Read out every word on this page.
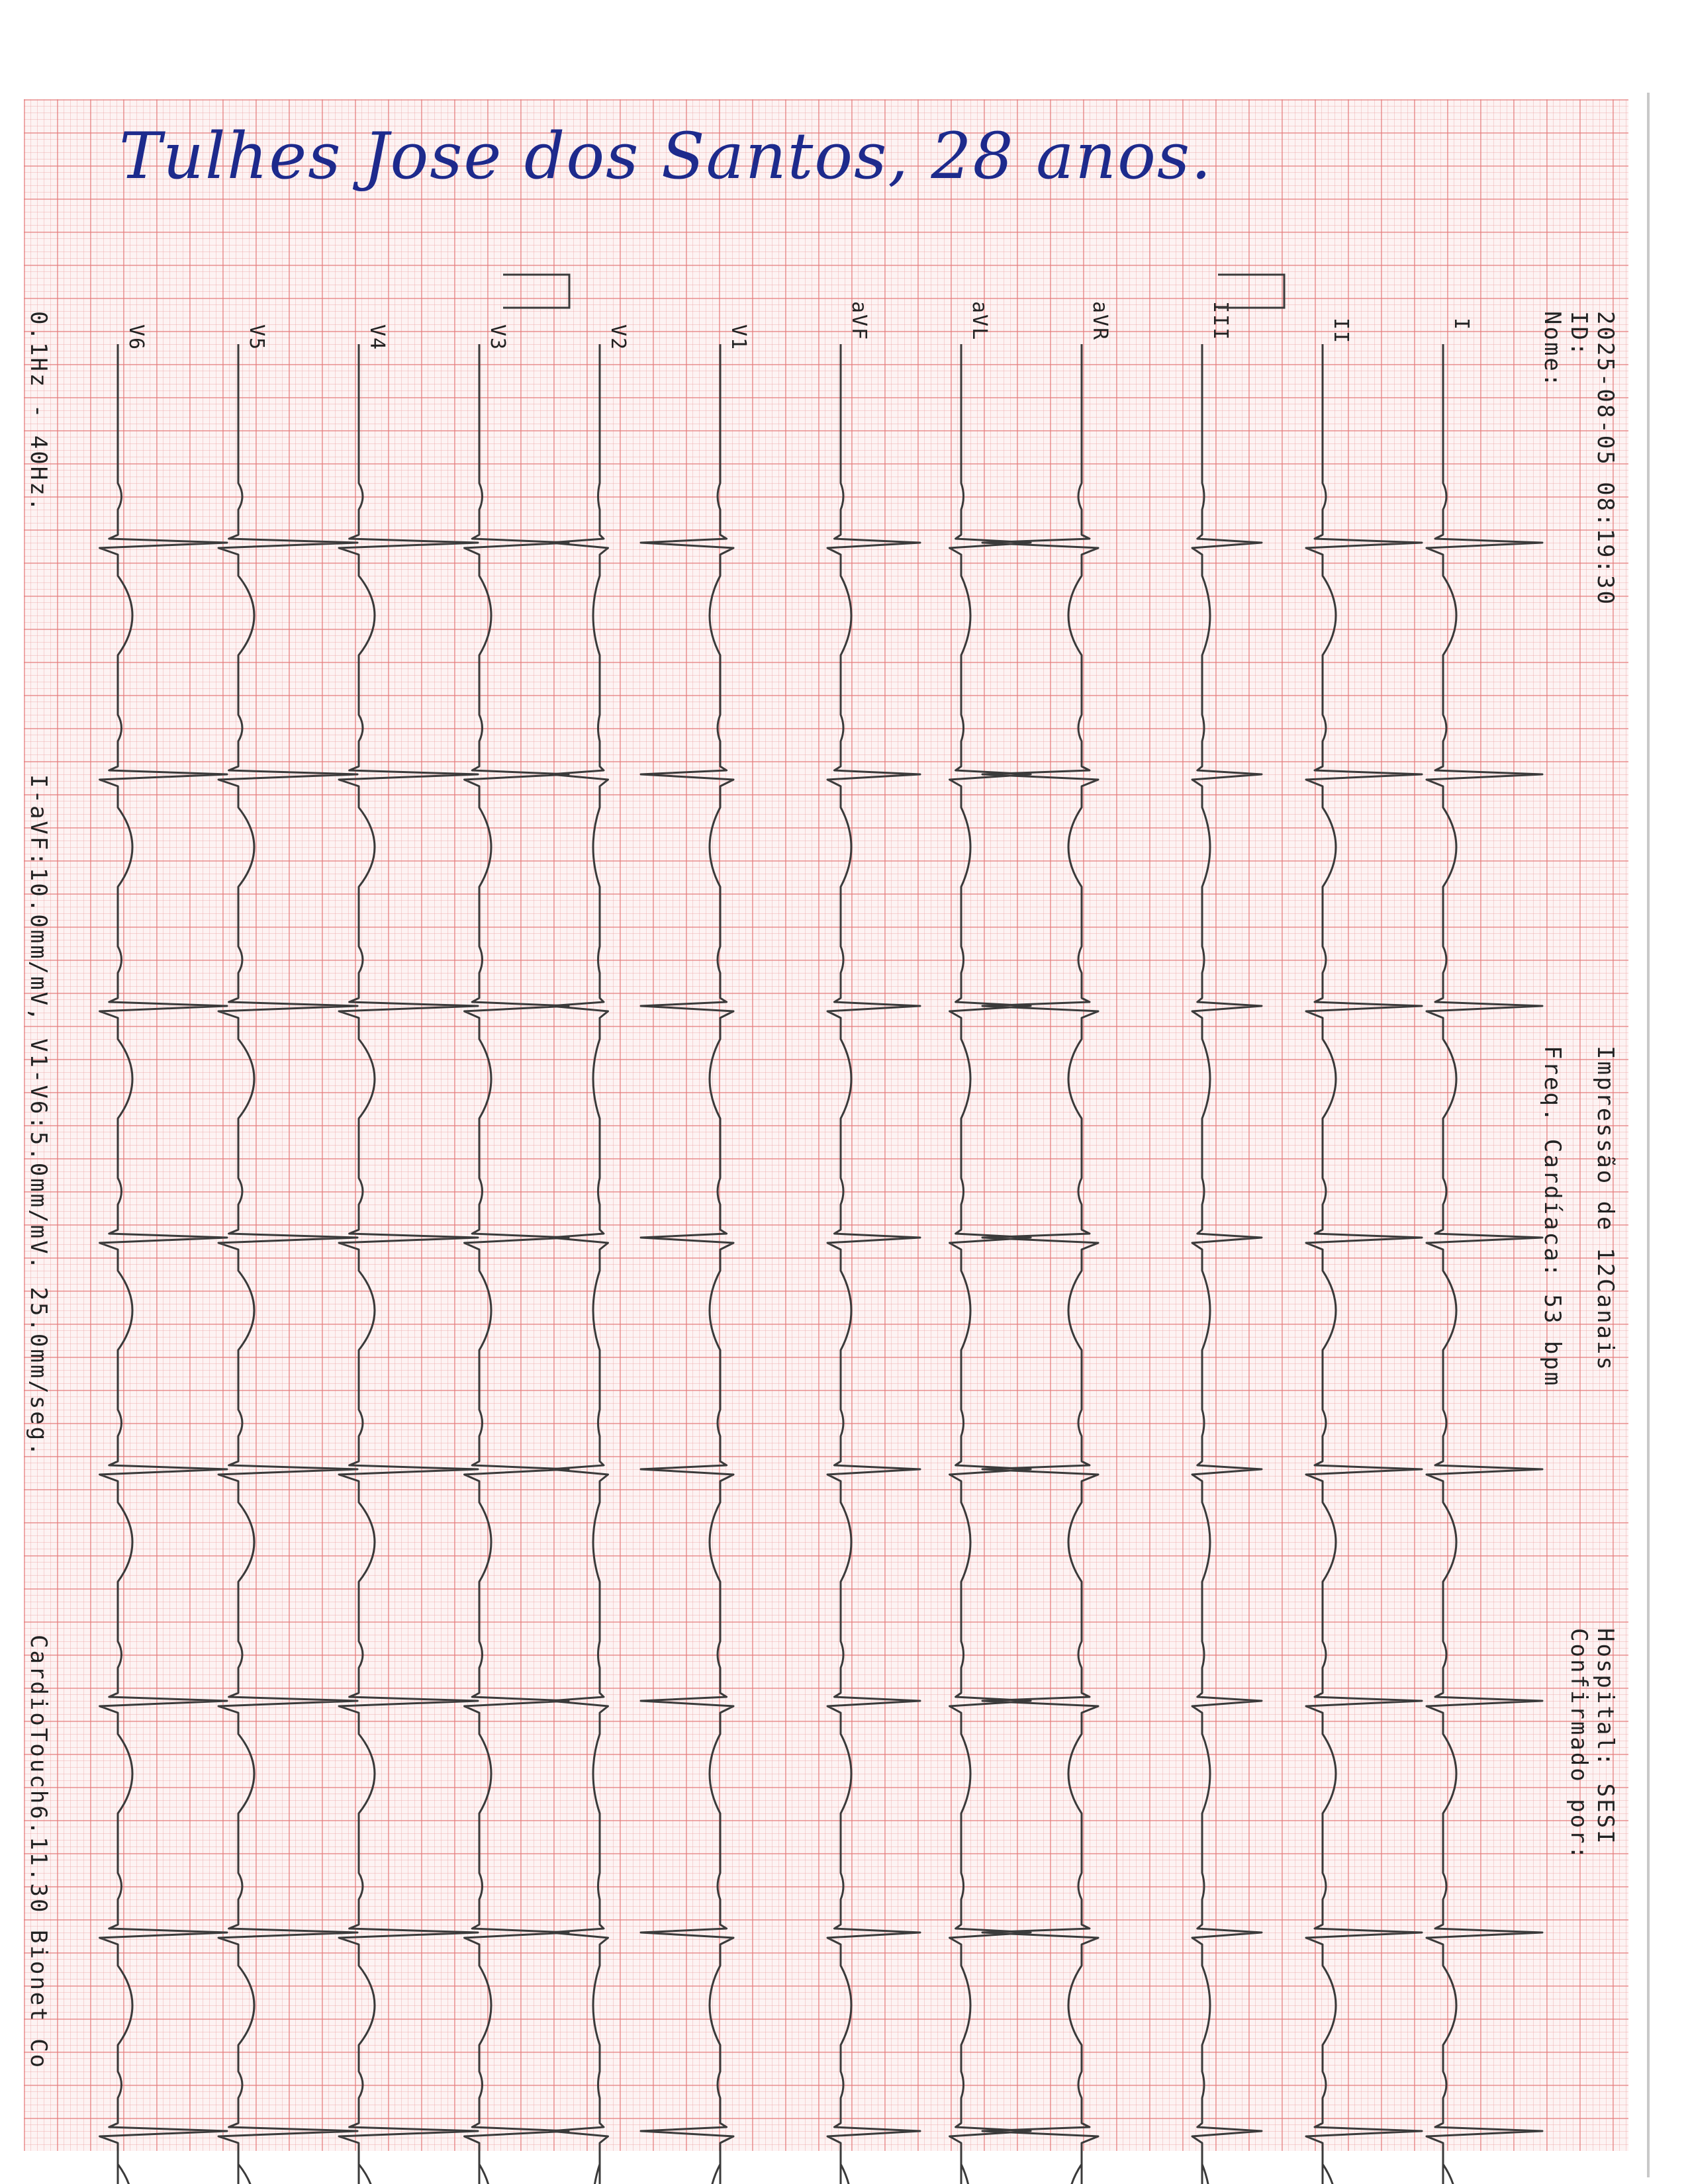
Tulhes Jose dos Santos, 28 anos.
2025-08-05 08:19:30
ID:
Nome:
Impressão de 12Canais
Freq. Cardíaca: 53 bpm
Hospital: SESI
Confirmado por:
I
II
III
aVR
aVL
aVF
V1
V2
V3
V4
V5
V6
0.1Hz - 40Hz.
I-aVF:10.0mm/mV, V1-V6:5.0mm/mV. 25.0mm/seg.
CardioTouch6.11.30 Bionet Co
